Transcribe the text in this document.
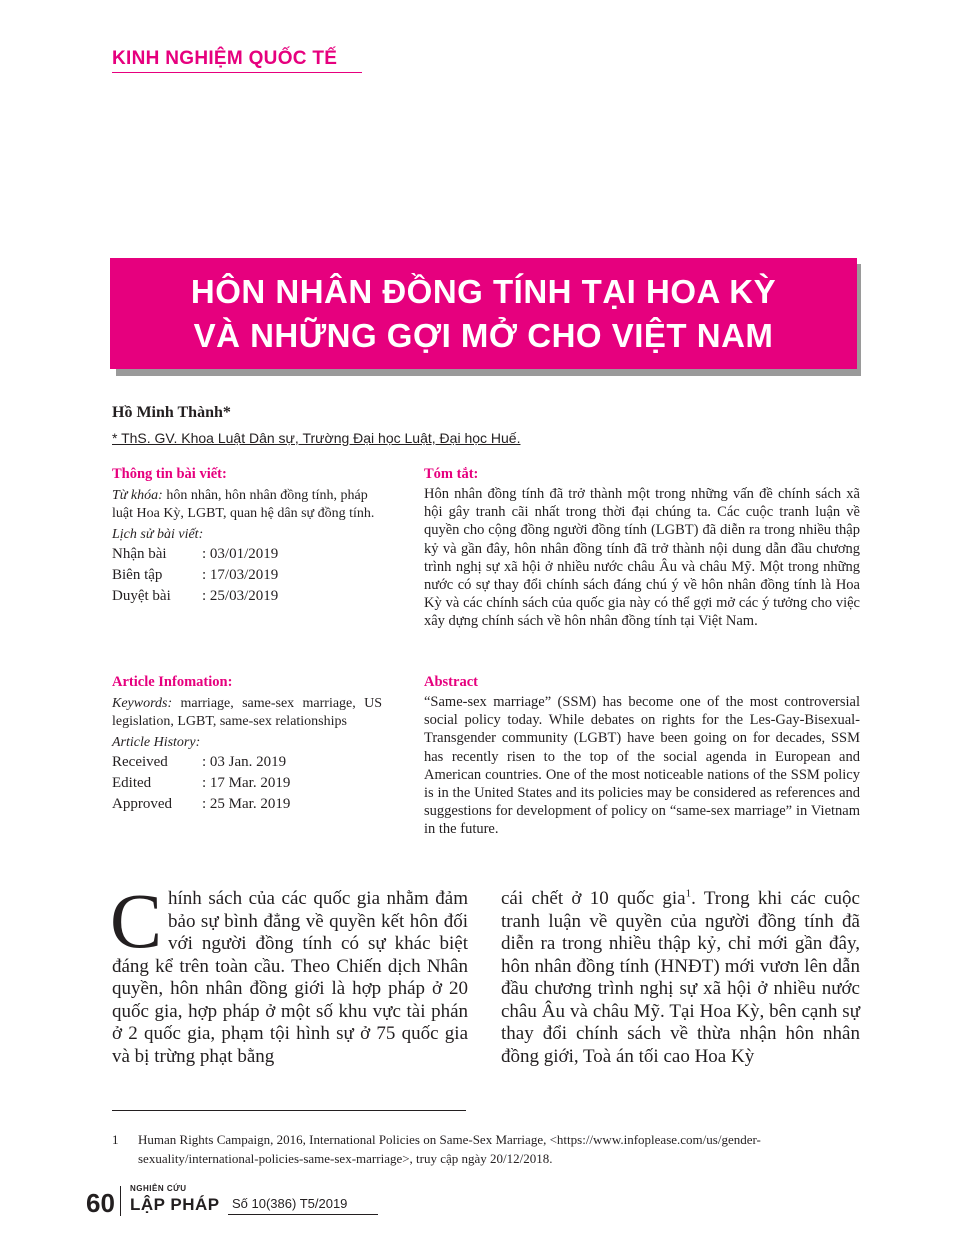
KINH NGHIỆM QUỐC TẾ
HÔN NHÂN ĐỒNG TÍNH TẠI HOA KỲ
VÀ NHỮNG GỢI MỞ CHO VIỆT NAM
Hồ Minh Thành*
* ThS. GV. Khoa Luật Dân sự, Trường Đại học Luật, Đại học Huế.
Thông tin bài viết:
Từ khóa: hôn nhân, hôn nhân đồng tính, pháp luật Hoa Kỳ, LGBT, quan hệ dân sự đồng tính.
Lịch sử bài viết:
Nhận bài	: 03/01/2019
Biên tập	: 17/03/2019
Duyệt bài	: 25/03/2019
Tóm tắt:
Hôn nhân đồng tính đã trở thành một trong những vấn đề chính sách xã hội gây tranh cãi nhất trong thời đại chúng ta. Các cuộc tranh luận về quyền cho cộng đồng người đồng tính (LGBT) đã diễn ra trong nhiều thập kỷ và gần đây, hôn nhân đồng tính đã trở thành nội dung dẫn đầu chương trình nghị sự xã hội ở nhiều nước châu Âu và châu Mỹ. Một trong những nước có sự thay đổi chính sách đáng chú ý về hôn nhân đồng tính là Hoa Kỳ và các chính sách của quốc gia này có thể gợi mở các ý tưởng cho việc xây dựng chính sách về hôn nhân đồng tính tại Việt Nam.
Article Infomation:
Keywords: marriage, same-sex marriage, US legislation, LGBT, same-sex relationships
Article History:
Received	: 03 Jan. 2019
Edited	: 17 Mar. 2019
Approved	: 25 Mar. 2019
Abstract
“Same-sex marriage” (SSM) has become one of the most controversial social policy today. While debates on rights for the Les-Gay-Bisexual-Transgender community (LGBT) have been going on for decades, SSM has recently risen to the top of the social agenda in European and American countries. One of the most noticeable nations of the SSM policy is in the United States and its policies may be considered as references and suggestions for development of policy on “same-sex marriage” in Vietnam in the future.
Chính sách của các quốc gia nhằm đảm bảo sự bình đẳng về quyền kết hôn đối với người đồng tính có sự khác biệt đáng kể trên toàn cầu. Theo Chiến dịch Nhân quyền, hôn nhân đồng giới là hợp pháp ở 20 quốc gia, hợp pháp ở một số khu vực tài phán ở 2 quốc gia, phạm tội hình sự ở 75 quốc gia và bị trừng phạt bằng
cái chết ở 10 quốc gia$^1$. Trong khi các cuộc tranh luận về quyền của người đồng tính đã diễn ra trong nhiều thập kỷ, chỉ mới gần đây, hôn nhân đồng tính (HNĐT) mới vươn lên dẫn đầu chương trình nghị sự xã hội ở nhiều nước châu Âu và châu Mỹ. Tại Hoa Kỳ, bên cạnh sự thay đổi chính sách về thừa nhận hôn nhân đồng giới, Toà án tối cao Hoa Kỳ
1 Human Rights Campaign, 2016, International Policies on Same-Sex Marriage, <https://www.infoplease.com/us/gender-sexuality/international-policies-same-sex-marriage>, truy cập ngày 20/12/2018.
60 NGHIÊN CỨU
LẬP PHÁP Số 10(386) T5/2019
